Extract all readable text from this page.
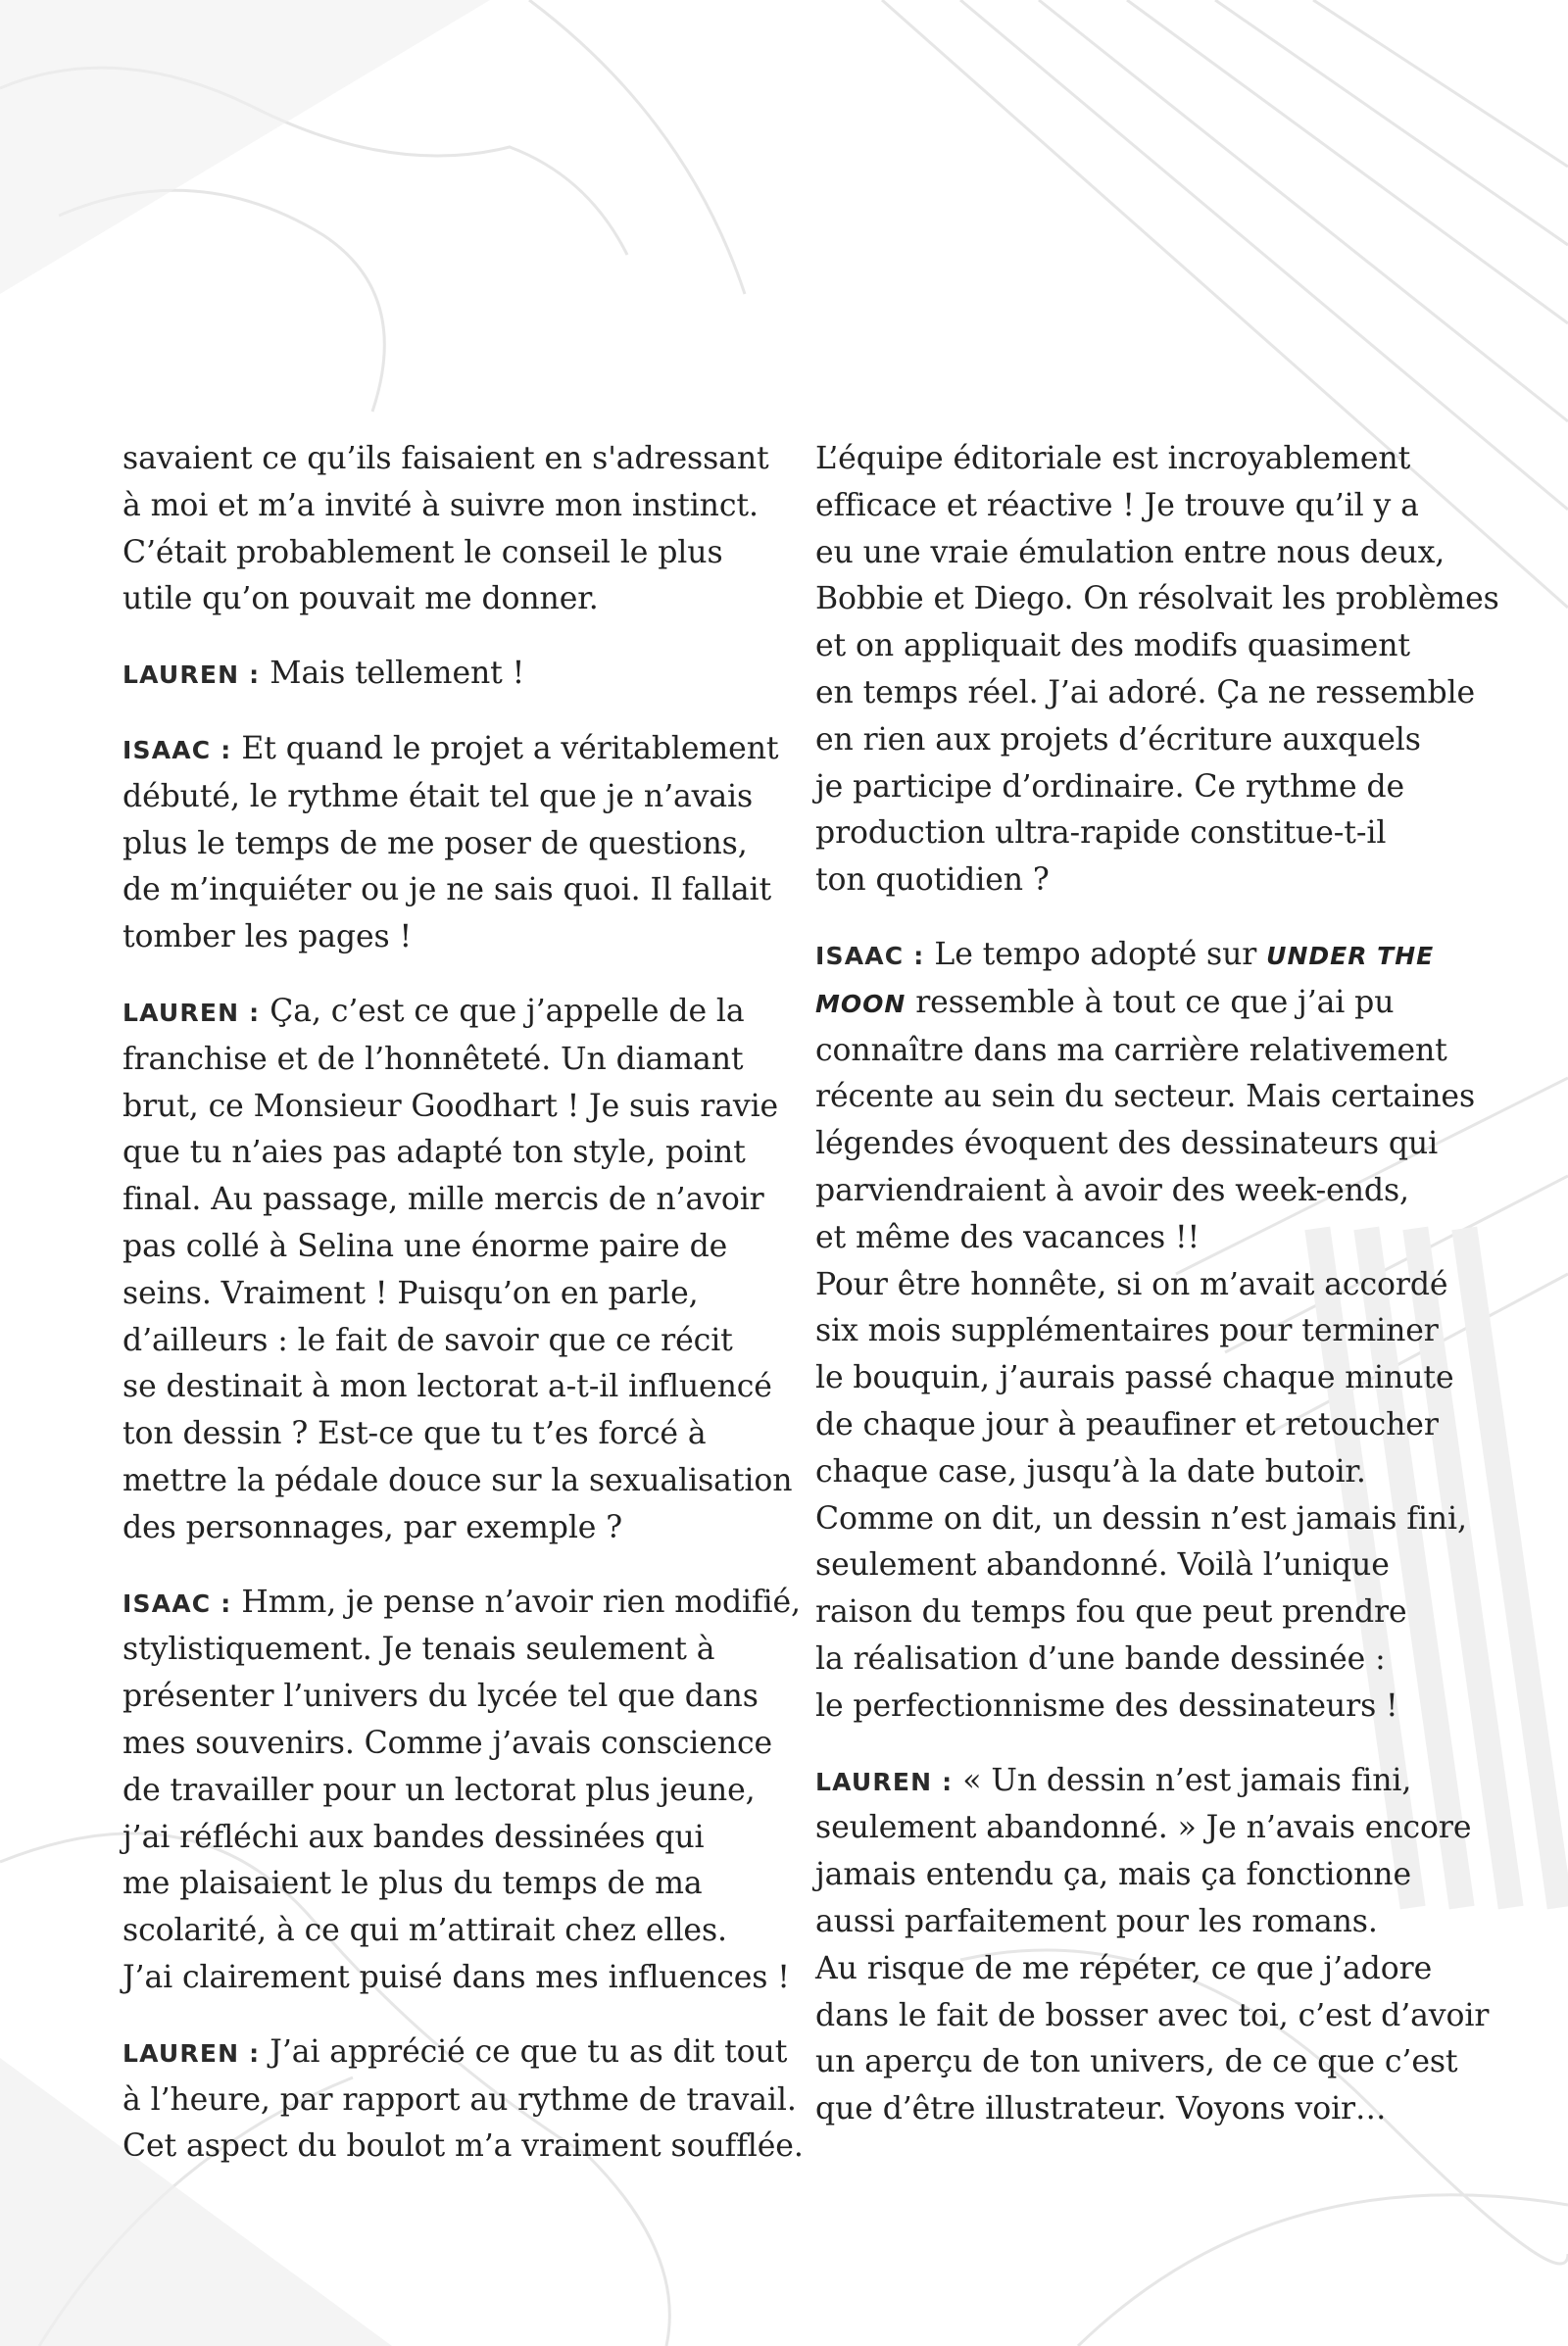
savaient ce qu’ils faisaient en s'adressant
à moi et m’a invité à suivre mon instinct.
C’était probablement le conseil le plus
utile qu’on pouvait me donner.

LAUREN : Mais tellement !

ISAAC : Et quand le projet a véritablement
débuté, le rythme était tel que je n’avais
plus le temps de me poser de questions,
de m’inquiéter ou je ne sais quoi. Il fallait
tomber les pages !

LAUREN : Ça, c’est ce que j’appelle de la
franchise et de l’honnêteté. Un diamant
brut, ce Monsieur Goodhart ! Je suis ravie
que tu n’aies pas adapté ton style, point
final. Au passage, mille mercis de n’avoir
pas collé à Selina une énorme paire de
seins. Vraiment ! Puisqu’on en parle,
d’ailleurs : le fait de savoir que ce récit
se destinait à mon lectorat a-t-il influencé
ton dessin ? Est-ce que tu t’es forcé à
mettre la pédale douce sur la sexualisation
des personnages, par exemple ?

ISAAC : Hmm, je pense n’avoir rien modifié,
stylistiquement. Je tenais seulement à
présenter l’univers du lycée tel que dans
mes souvenirs. Comme j’avais conscience
de travailler pour un lectorat plus jeune,
j’ai réfléchi aux bandes dessinées qui
me plaisaient le plus du temps de ma
scolarité, à ce qui m’attirait chez elles.
J’ai clairement puisé dans mes influences !

LAUREN : J’ai apprécié ce que tu as dit tout
à l’heure, par rapport au rythme de travail.
Cet aspect du boulot m’a vraiment soufflée.

L’équipe éditoriale est incroyablement
efficace et réactive ! Je trouve qu’il y a
eu une vraie émulation entre nous deux,
Bobbie et Diego. On résolvait les problèmes
et on appliquait des modifs quasiment
en temps réel. J’ai adoré. Ça ne ressemble
en rien aux projets d’écriture auxquels
je participe d’ordinaire. Ce rythme de
production ultra-rapide constitue-t-il
ton quotidien ?

ISAAC : Le tempo adopté sur UNDER THE
MOON ressemble à tout ce que j’ai pu
connaître dans ma carrière relativement
récente au sein du secteur. Mais certaines
légendes évoquent des dessinateurs qui
parviendraient à avoir des week-ends,
et même des vacances !!
Pour être honnête, si on m’avait accordé
six mois supplémentaires pour terminer
le bouquin, j’aurais passé chaque minute
de chaque jour à peaufiner et retoucher
chaque case, jusqu’à la date butoir.
Comme on dit, un dessin n’est jamais fini,
seulement abandonné. Voilà l’unique
raison du temps fou que peut prendre
la réalisation d’une bande dessinée :
le perfectionnisme des dessinateurs !

LAUREN : « Un dessin n’est jamais fini,
seulement abandonné. » Je n’avais encore
jamais entendu ça, mais ça fonctionne
aussi parfaitement pour les romans.
Au risque de me répéter, ce que j’adore
dans le fait de bosser avec toi, c’est d’avoir
un aperçu de ton univers, de ce que c’est
que d’être illustrateur. Voyons voir…
